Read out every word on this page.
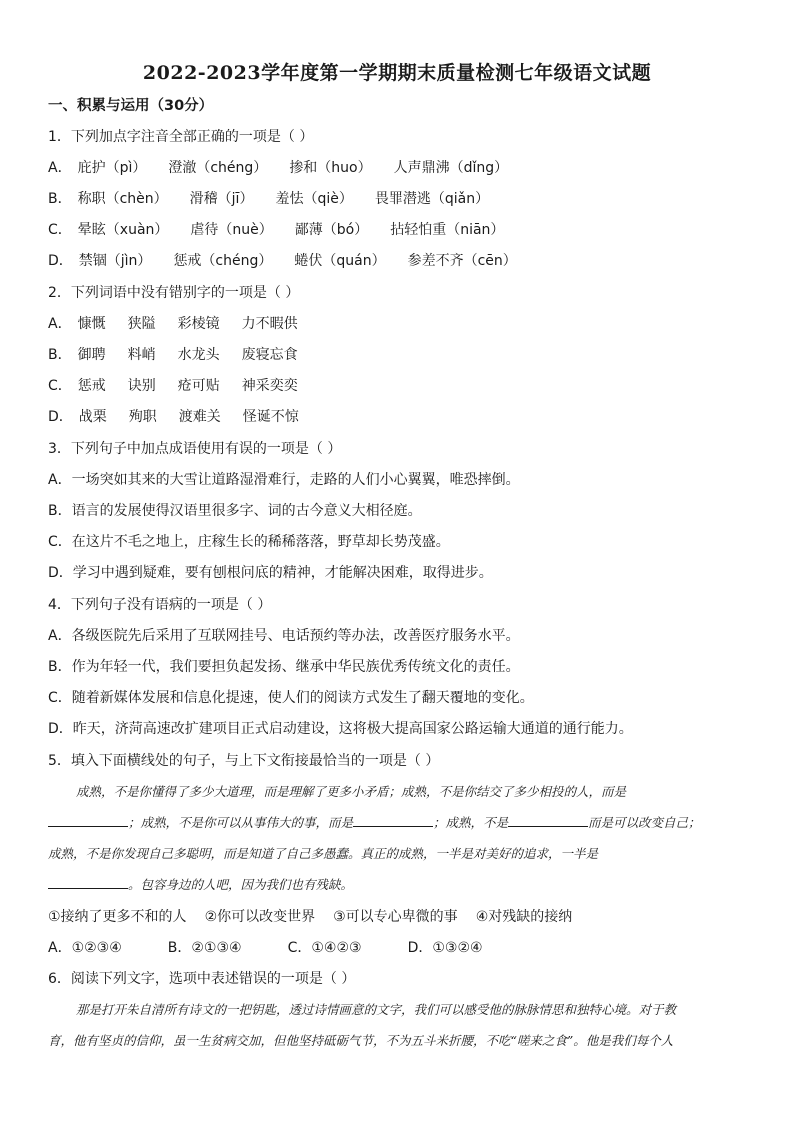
2022-2023学年度第一学期期末质量检测七年级语文试题
一、积累与运用（30分）
1．下列加点字注音全部正确的一项是（ ）
A． 庇护（pì） 澄澈（chéng） 掺和（huo） 人声鼎沸（dǐng）
B． 称职（chèn） 滑稽（jī） 羞怯（qiè） 畏罪潜逃（qiǎn）
C． 晕眩（xuàn） 虐待（nuè） 鄙薄（bó） 拈轻怕重（niān）
D． 禁锢（jìn） 惩戒（chéng） 蜷伏（quán） 参差不齐（cēn）
2．下列词语中没有错别字的一项是（ ）
A． 慷慨 狭隘 彩棱镜 力不暇供
B． 御聘 料峭 水龙头 废寝忘食
C． 惩戒 诀别 疮可贴 神采奕奕
D． 战栗 殉职 渡难关 怪诞不惊
3．下列句子中加点成语使用有误的一项是（ ）
A．一场突如其来的大雪让道路湿滑难行，走路的人们小心翼翼，唯恐摔倒。
B．语言的发展使得汉语里很多字、词的古今意义大相径庭。
C．在这片不毛之地上，庄稼生长的稀稀落落，野草却长势茂盛。
D．学习中遇到疑难，要有刨根问底的精神，才能解决困难，取得进步。
4．下列句子没有语病的一项是（ ）
A．各级医院先后采用了互联网挂号、电话预约等办法，改善医疗服务水平。
B．作为年轻一代，我们要担负起发扬、继承中华民族优秀传统文化的责任。
C．随着新媒体发展和信息化提速，使人们的阅读方式发生了翻天覆地的变化。
D．昨天，济菏高速改扩建项目正式启动建设，这将极大提高国家公路运输大通道的通行能力。
5．填入下面横线处的句子，与上下文衔接最恰当的一项是（ ）
成熟，不是你懂得了多少大道理，而是理解了更多小矛盾；成熟，不是你结交了多少相投的人，而是
；成熟，不是你可以从事伟大的事，而是	；成熟，不是	而是可以改变自己；
成熟，不是你发现自己多聪明，而是知道了自己多愚蠢。真正的成熟，一半是对美好的追求，一半是
。包容身边的人吧，因为我们也有残缺。
①接纳了更多不和的人 ②你可以改变世界 ③可以专心卑微的事 ④对残缺的接纳
A．①②③④	B．②①③④	C．①④②③	D．①③②④
6．阅读下列文字，选项中表述错误的一项是（ ）
那是打开朱自清所有诗文的一把钥匙，透过诗情画意的文字，我们可以感受他的脉脉情思和独特心境。对于教
育，他有坚贞的信仰，虽一生贫病交加，但他坚持砥砺气节，不为五斗米折腰，不吃“嗟来之食”。他是我们每个人
